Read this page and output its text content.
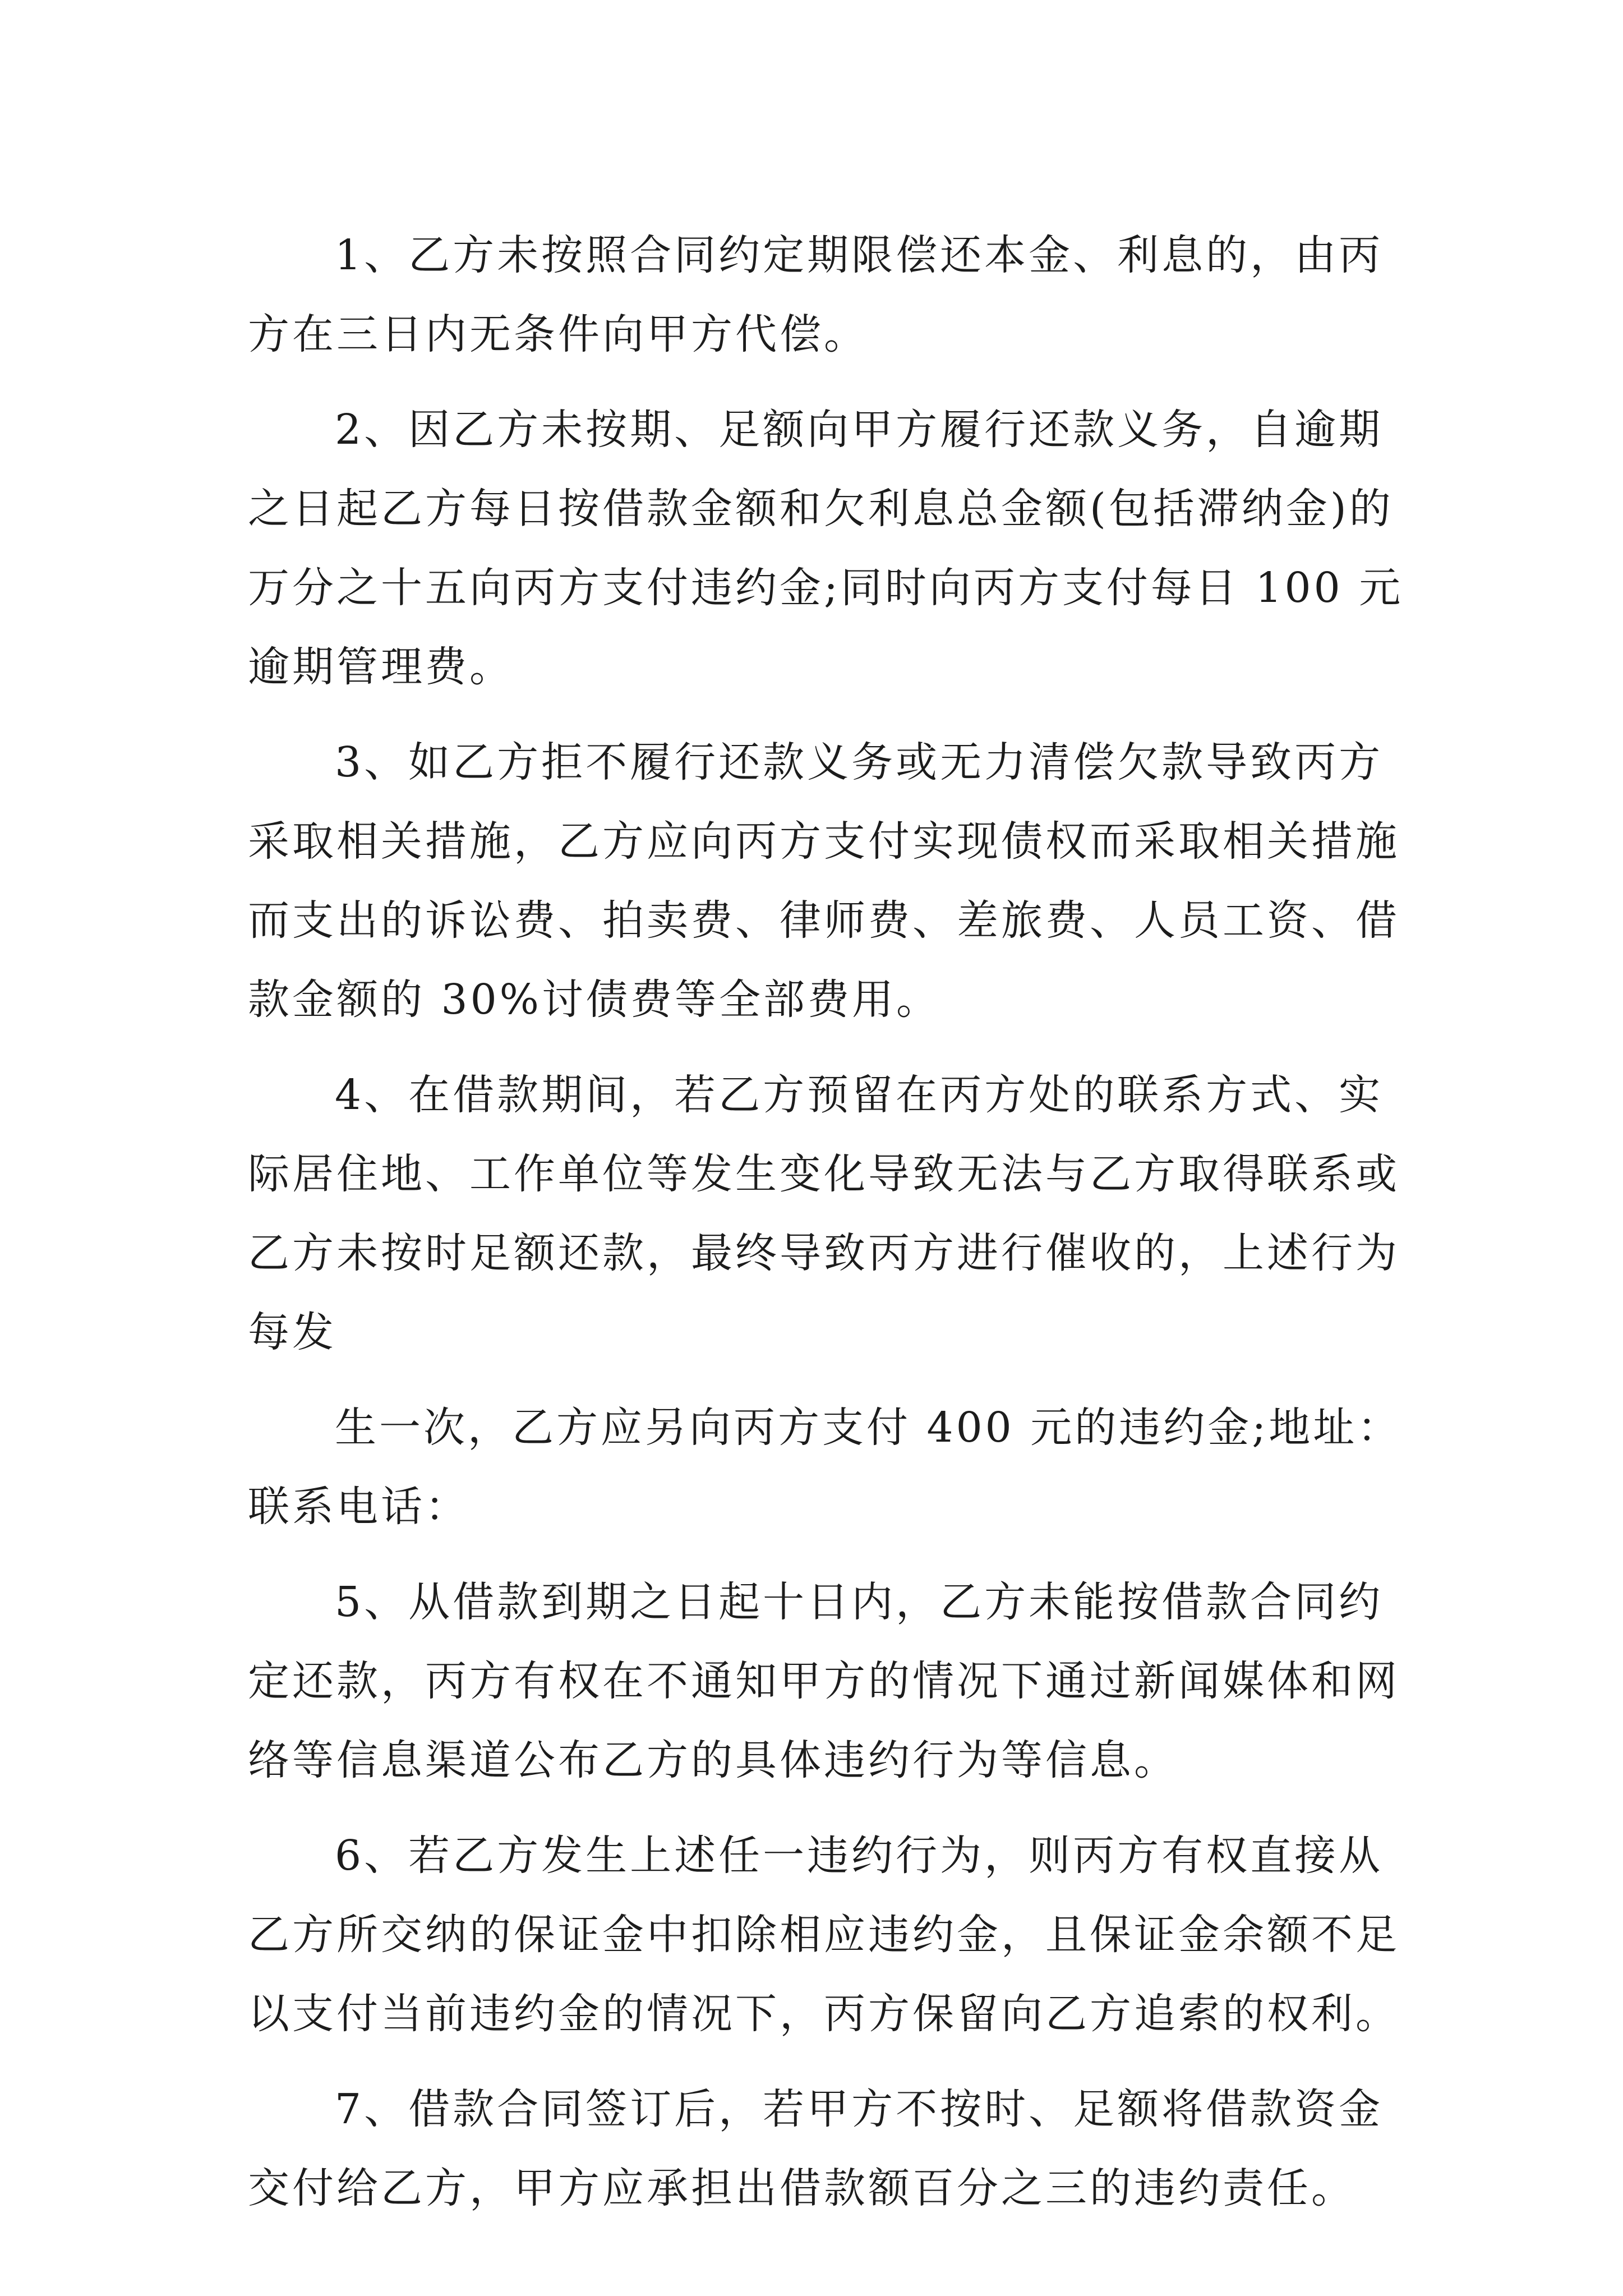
1、乙方未按照合同约定期限偿还本金、利息的，由丙
方在三日内无条件向甲方代偿。
2、因乙方未按期、足额向甲方履行还款义务，自逾期
之日起乙方每日按借款金额和欠利息总金额(包括滞纳金)的
万分之十五向丙方支付违约金;同时向丙方支付每日 100 元
逾期管理费。
3、如乙方拒不履行还款义务或无力清偿欠款导致丙方
采取相关措施，乙方应向丙方支付实现债权而采取相关措施
而支出的诉讼费、拍卖费、律师费、差旅费、人员工资、借
款金额的 30%讨债费等全部费用。
4、在借款期间，若乙方预留在丙方处的联系方式、实
际居住地、工作单位等发生变化导致无法与乙方取得联系或
乙方未按时足额还款，最终导致丙方进行催收的，上述行为
每发
生一次，乙方应另向丙方支付 400 元的违约金;地址：
联系电话：
5、从借款到期之日起十日内，乙方未能按借款合同约
定还款，丙方有权在不通知甲方的情况下通过新闻媒体和网
络等信息渠道公布乙方的具体违约行为等信息。
6、若乙方发生上述任一违约行为，则丙方有权直接从
乙方所交纳的保证金中扣除相应违约金，且保证金余额不足
以支付当前违约金的情况下，丙方保留向乙方追索的权利。
7、借款合同签订后，若甲方不按时、足额将借款资金
交付给乙方，甲方应承担出借款额百分之三的违约责任。
